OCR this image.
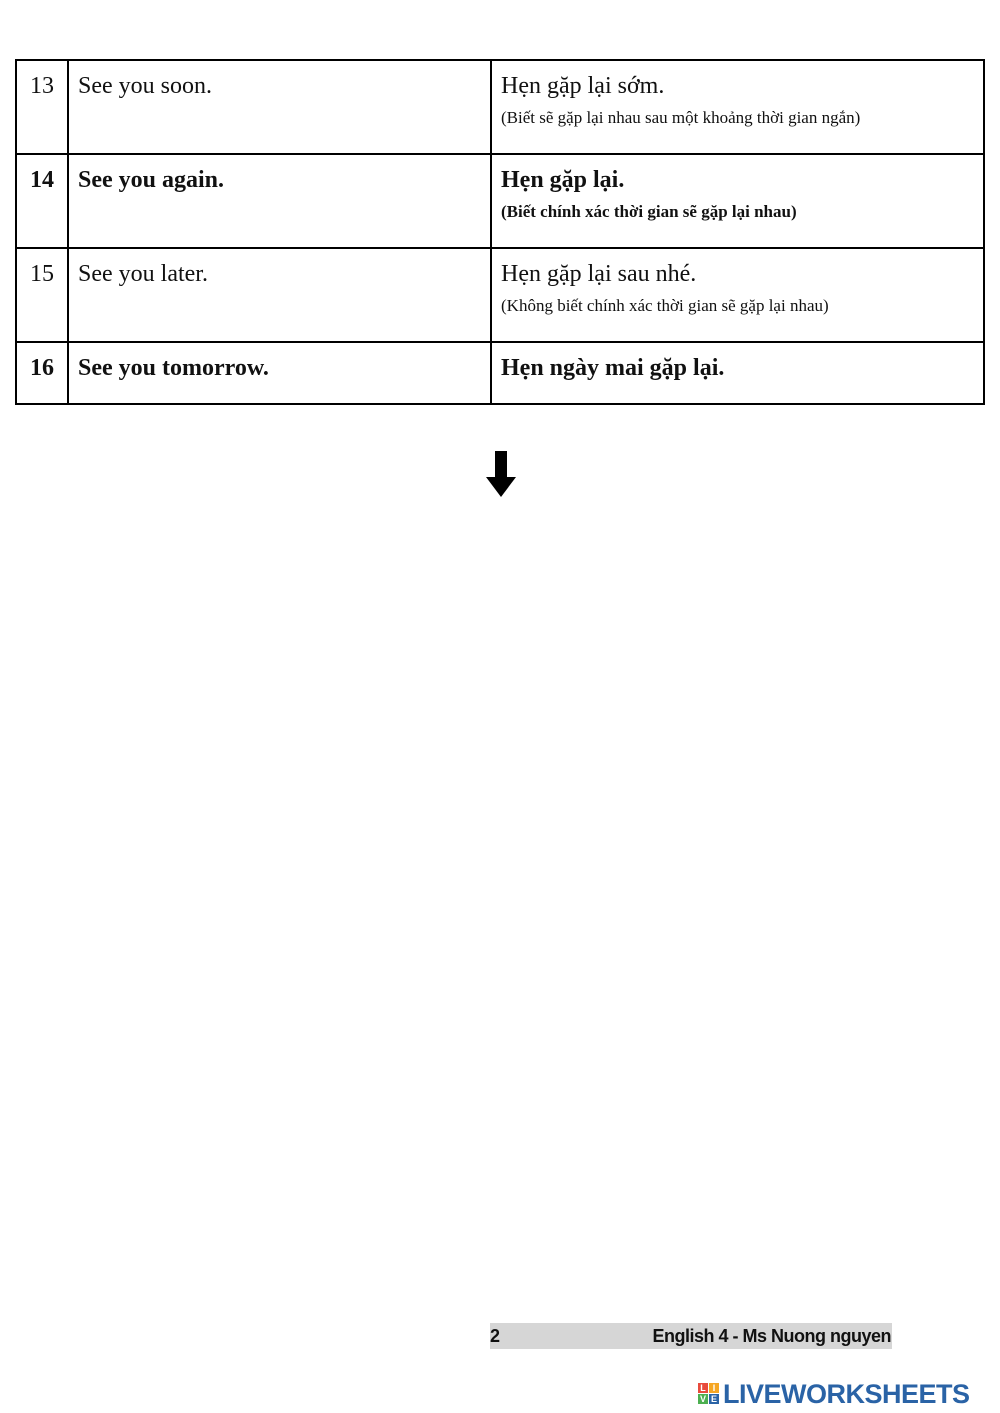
13	See you soon.	Hẹn gặp lại sớm.
(Biết sẽ gặp lại nhau sau một khoảng thời gian ngắn)

14	See you again.	Hẹn gặp lại.
(Biết chính xác thời gian sẽ gặp lại nhau)

15	See you later.	Hẹn gặp lại sau nhé.
(Không biết chính xác thời gian sẽ gặp lại nhau)

16	See you tomorrow.	Hẹn ngày mai gặp lại.
2	English 4 - Ms Nuong nguyen
L I
V E LIVEWORKSHEETS
